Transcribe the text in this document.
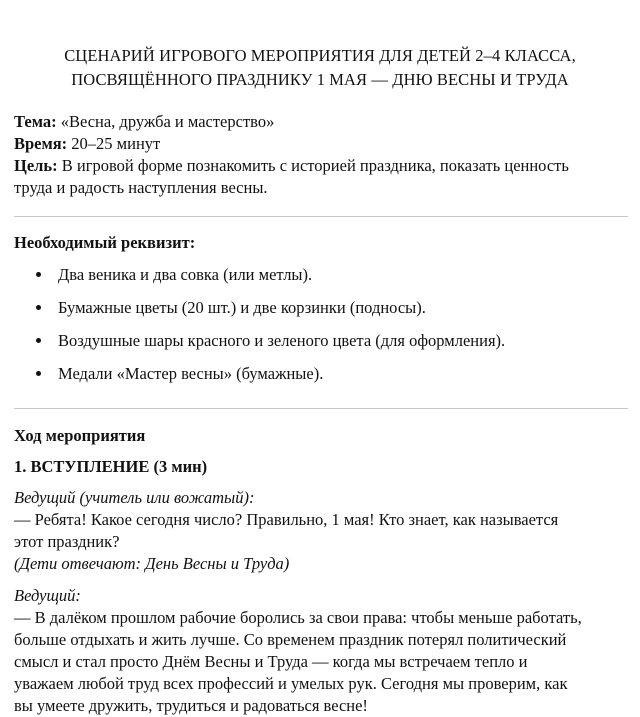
СЦЕНАРИЙ ИГРОВОГО МЕРОПРИЯТИЯ ДЛЯ ДЕТЕЙ 2–4 КЛАССА,
ПОСВЯЩЁННОГО ПРАЗДНИКУ 1 МАЯ — ДНЮ ВЕСНЫ И ТРУДА
Тема: «Весна, дружба и мастерство»
Время: 20–25 минут
Цель: В игровой форме познакомить с историей праздника, показать ценность
труда и радость наступления весны.
Необходимый реквизит:
Два веника и два совка (или метлы).
Бумажные цветы (20 шт.) и две корзинки (подносы).
Воздушные шары красного и зеленого цвета (для оформления).
Медали «Мастер весны» (бумажные).
Ход мероприятия
1. ВСТУПЛЕНИЕ (3 мин)
Ведущий (учитель или вожатый):
— Ребята! Какое сегодня число? Правильно, 1 мая! Кто знает, как называется
этот праздник?
(Дети отвечают: День Весны и Труда)
Ведущий:
— В далёком прошлом рабочие боролись за свои права: чтобы меньше работать,
больше отдыхать и жить лучше. Со временем праздник потерял политический
смысл и стал просто Днём Весны и Труда — когда мы встречаем тепло и
уважаем любой труд всех профессий и умелых рук. Сегодня мы проверим, как
вы умеете дружить, трудиться и радоваться весне!
